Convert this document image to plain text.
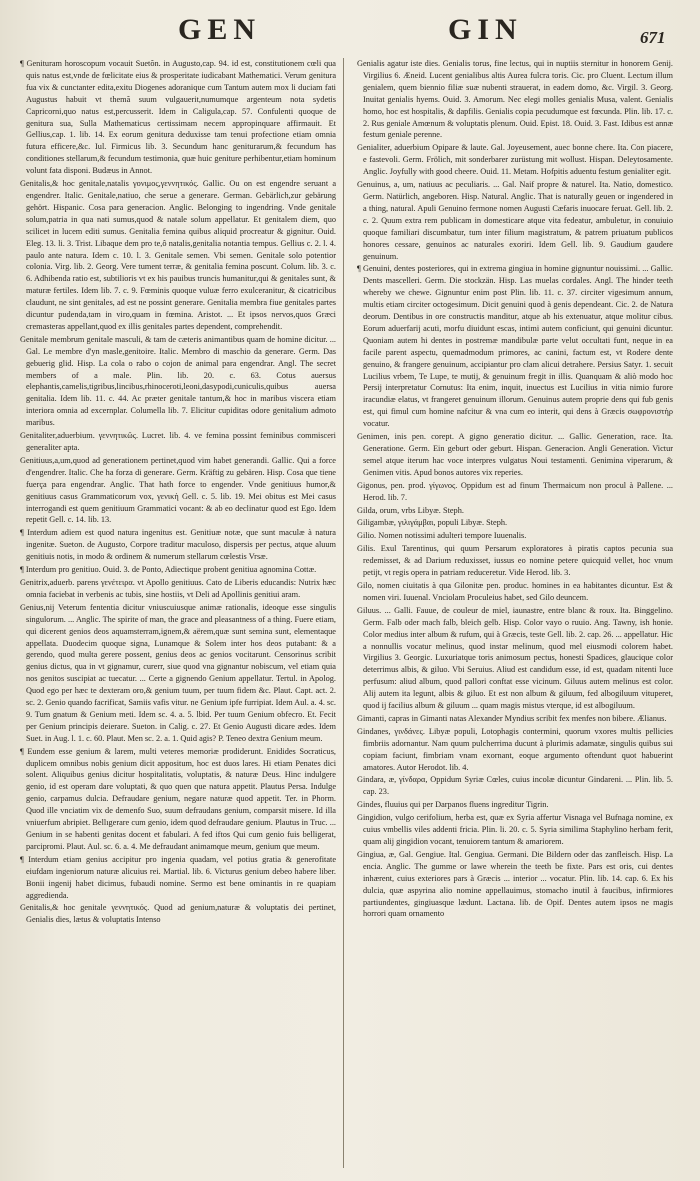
GEN	GIN	671

¶ Genituram horoscopum vocauit Suetõn. in Augusto,cap. 94. id est, constitutionem cœli qua quis natus est,vnde de fœlicitate eius & prosperitate iudicabant Mathematici. Verum genitura fua vix & cunctanter edita,exitu Diogenes adoranique cum Tantum autem mox li duciam fati Augustus habuit vt themã suum vulgauerit,numumque argenteum nota sydetis Capricorni,quo natus est,percusserit. Idem in Caligula,cap. 57. Confulenti quoque de genitura sua, Sulla Mathematicus certissimam necem appropinquare affirmauit. Et Gellius,cap. 1. lib. 14. Ex eorum genitura deduxisse tam tenui profectione etiam omnia futura efficere,&c. Iul. Firmicus lib. 3. Secundum hanc geniturarum,& fecundum has conditiones stellarum,& fecundum testimonia, quæ huic geniture perhibentur,etiam hominum volunt fata disponi. Budæus in Annot.

Genitalis,& hoc genitale,natalis γονιμος,γεννητικός. Gallic. Ou on est engendre seruant a engendrer. Italic. Genitale,natiuo, che serue a generare. German. Gebärlich,zur gebärung gehört. Hispanic. Cosa para generacion. Anglic. Belonging to ingendring. Vnde genitale solum,patria in qua nati sumus,quod & natale solum appellatur. Et genitalem diem, quo scilicet in lucem editi sumus. Genitalia femina quibus aliquid procreatur & gignitur. Ouid. Eleg. 13. li. 3. Trist. Libaque dem pro te,ô natalis,genitalia notantia tempus. Gellius c. 2. l. 4. paulo ante natura. Idem c. 10. l. 3. Genitale semen. Vbi semen. Genitale solo potentior colonia. Virg. lib. 2. Georg. Vere tument terræ, & genitalia femina poscunt. Colum. lib. 3. c. 6. Adhibenda ratio est, subtilioris vt ex his pauibus truncis humanitur,qui & genitales sunt, & maturæ fertiles. Idem lib. 7. c. 9. Fœminis quoque vuluæ ferro exulceranitur, & cicatricibus claudunt, ne sint genitales, ad est ne possint generare. Genitalia membra fiue genitales partes dicuntur pudenda,tam in viro,quam in fœmina. Aristot. ... Et ipsos nervos,quos Græci cremasteras appellant,quod ex illis genitales partes dependent, comprehendit.

Genitale membrum genitale masculi, & tam de cæteris animantibus quam de homine dicitur. ... Gal. Le membre d'yn masle,genitoire. Italic. Membro di maschio da generare. Germ. Das gebuerig glid. Hisp. La cola o rabo o cojon de animal para engendrar. Angl. The secret members of a male. Plin. lib. 20. c. 63. Cotus auersus elephantis,camelis,tigribus,lincibus,rhinoceroti,leoni,dasypodi,cuniculis,quibus auersa genitalia. Idem lib. 11. c. 44. Ac præter genitale tantum,& hoc in maribus viscera etiam interiora omnia ad excernplar. Columella lib. 7. Elicitur cupiditas odore genitalium admoto maribus.

Genitaliter,aduerbium. γεννητικῶς. Lucret. lib. 4. ve femina possint feminibus commisceri generaliter apta.

Genitiuus,a,um,quod ad generationem pertinet,quod vim habet generandi. Gallic. Qui a force d'engendrer. Italic. Che ha forza di generare. Germ. Kräftig zu gebären. Hisp. Cosa que tiene fuerça para engendrar. Anglic. That hath force to engender. Vnde genitiuus humor,& genitiuus casus Grammaticorum vox, γενικὴ Gell. c. 5. lib. 19. Mei obitus est Mei casus interrogandi est quem genitiuum Grammatici vocant: & ab eo declinatur quod est Ego. Idem repetit Gell. c. 14. lib. 13.

¶ Interdum adiem est quod natura ingenitus est. Genitiuæ notæ, que sunt maculæ à natura ingenitæ. Sueton. de Augusto, Corpore traditur maculoso, dispersis per pectus, atque aluum genitiuis notis, in modo & ordinem & numerum stellarum cœlestis Vrsæ.

¶ Interdum pro genitiuo. Ouid. 3. de Ponto, Adiectique probent genitiua agnomina Cottæ.

Genitrix,aduerb. parens γενέτειρα. vt Apollo genitiuus. Cato de Liberis educandis: Nutrix hæc omnia faciebat in verbenis ac tubis, sine hostiis, vt Deli ad Apollinis genitiui aram.

Genius,nij Veterum fententia dicitur vniuscuiusque animæ rationalis, ideoque esse singulis singulorum. ... Anglic. The spirite of man, the grace and pleasantness of a thing. Fuere etiam, qui dicerent genios deos aquamsterram,ignem,& aërem,quæ sunt semina sunt, elementaque appellata. Duodecim quoque signa, Lunamque & Solem inter hos deos putabant: & a gerendo, quod multa gerere possent, genius deos ac genios vocitarunt. Censorinus scribit genius dictus, qua in vt gignamur, curerr, siue quod vna gignantur nobiscum, vel etiam quia nos genitos suscipiat ac tuecatur. ... Certe a gignendo Genium appellatur. Tertul. in Apolog. Quod ego per hæc te dexteram oro,& genium tuum, per tuum fidem &c. Plaut. Capt. act. 2. sc. 2. Genio quando facrificat, Samiis vafis vitur. ne Genium ipfe furripiat. Idem Aul. a. 4. sc. 9. Tum gnatum & Genium meti. Idem sc. 4. a. 5. lbid. Per tuum Genium obfecro. Et. Fecit per Genium principis deierare. Sueton. in Calig. c. 27. Et Genio Augusti dicare ædes. Idem Suet. in Aug. l. 1. c. 60. Plaut. Men sc. 2. a. 1. Quid agis? P. Teneo dextra Genium meum.

¶ Eundem esse genium & larem, multi veteres memoriæ prodiderunt. Enidides Socraticus, duplicem omnibus nobis genium dicit appositum, hoc est duos lares. Hi etiam Penates dici solent. Aliquibus genius dicitur hospitalitatis, voluptatis, & naturæ Deus. Hinc indulgere genio, id est operam dare voluptati, & quo quen que natura appetit. Plautus Persa. Indulge genio, carpamus dulcia. Defraudare genium, negare naturæ quod appetit. Ter. in Phorm. Quod ille vnciatim vix de demenfo Suo, suum defraudans genium, comparsit misere. Id illa vniuerfum abripiet. Bellıgerare cum genio, idem quod defraudare genium. Plautus in Truc. ... Genium in se habenti genitas docent et fabulari. A fed iftos Qui cum genio fuis belligerat, parcipromi. Plaut. Aul. sc. 6. a. 4. Me defraudant animamque meum, genium que meum.

¶ Interdum etiam genius accipitur pro ingenia quadam, vel potius gratia & generofitate eiufdam ingeniorum naturæ alicuius rei. Martial. lib. 6. Victurus genium debeo habere liber. Bonii ingenij habet dicimus, fubaudi nomine. Sermo est bene ominantis in re quapiam aggredienda.

Genitalis,& hoc genitale γεννητικός. Quod ad genium,naturæ & voluptatis dei pertinet, Genialis dies, lætus & voluptatis Intenso

Genialis agatur iste dies. Genialis torus, fine lectus, qui in nuptiis sternitur in honorem Genij. Virgilius 6. Æneid. Lucent genialibus altis Aurea fulcra toris. Cic. pro Cluent. Lectum illum genialem, quem biennio filiæ suæ nubenti strauerat, in eadem domo, &c. Virgil. 3. Georg. Inuitat genialis hyems. Ouid. 3. Amorum. Nec elegi molles genialis Musa, valent. Genialis homo, hoc est hospitalis, & dapfilis. Genialis copia pecudumque est fœcunda. Plin. lib. 17. c. 2. Rus geniale Amœnum & voluptatis plenum. Ouid. Epist. 18. Ouid. 3. Fast. Idibus est annæ festum geniale perenne.

Genialiter, aduerbium Opipare & laute. Gal. Joyeusement, auec bonne chere. Ita. Con piacere, e fastevoli. Germ. Frölich, mit sonderbarer zurüstung mit wollust. Hispan. Deleytosamente. Anglic. Joyfully with good cheere. Ouid. 11. Metam. Hofpitis aduentu festum genialiter egit.

Genuinus, a, um, natiuus ac peculiaris. ... Gal. Naif propre & naturel. Ita. Natio, domestico. Germ. Natürlich, angeboren. Hisp. Natural. Anglic. That is naturally geuen or ingendered in a thing, natural. Apuli Genuino fermone nomen Augusti Cæfaris inuocare feruat. Gell. lib. 2. c. 2. Quum extra rem publicam in domesticare atque vita fedeatur, ambuletur, in conuiuio quoque familiari discumbatur, tum inter filium magistratum, & patrem priuatum publicos honores cessare, genuinos ac naturales exoriri. Idem Gell. lib. 9. Gaudium gaudere genuinum.

¶ Genuini, dentes posteriores, qui in extrema gingiua in homine gignuntur nouissimi. ... Gallic. Dents mascelleri. Germ. Die stockzän. Hisp. Las muelas cordales. Angl. The hinder teeth whereby we chewe. Gignuntur enim post Plin. lib. 11. c. 37. circiter vigesimum annum, multis etiam circiter octogesimum. Dicit genuini quod à genis dependeant. Cic. 2. de Natura deorum. Dentibus in ore constructis manditur, atque ab his extenuatur, atque molitur cibus. Eorum aduerfarij acuti, morfu diuidunt escas, intimi autem conficiunt, qui genuini dicuntur. Quoniam autem hi dentes in postremæ mandibulæ parte velut occultati funt, neque in ea facile parent aspectu, quemadmodum primores, ac canini, factum est, vt Rodere dente genuino, & frangere genuinum, accipiantur pro clam alicui detrahere. Persius Satyr. 1. secuit Lucilius vrbem, Te Lupe, te mutij, & genuinum fregit in illis. Quanquam & aliò modo hoc Persij interpretatur Cornutus: Ita enim, inquit, inuectus est Lucilius in vitia nimio furore iracundiæ elatus, vt frangeret genuinum illorum. Genuinus autem proprie dens qui fub genis est, qui fimul cum homine nafcitur & vna cum eo interit, qui dens à Græcis σωφρονιστὴρ vocatur.

Genimen, inis pen. corept. A gigno generatio dicitur. ... Gallic. Generation, race. Ita. Generatione. Germ. Ein geburt oder geburt. Hispan. Generacion. Angli Generation. Victur semel atque iterum hac voce interpres vulgatus Noui testamenti. Genimina viperarum, & Genimen vitis. Apud bonos autores vix reperies.

Gigonus, pen. prod. γίγωνος. Oppidum est ad finum Thermaicum non procul à Pallene. ... Herod. lib. 7.

Gilda, orum, vrbs Libyæ. Steph.

Giligambæ, γιλιγάμβαι, populi Libyæ. Steph.

Gilio. Nomen notissimi adulteri tempore Iuuenalis.

Gilis. Exul Tarentinus, qui quum Persarum exploratores à piratis captos pecunia sua redemisset, & ad Darium reduxisset, iussus eo nomine petere quicquid vellet, hoc vnum petijt, vt regis opera in patriam reduceretur. Vide Herod. lib. 3.

Gilo, nomen ciuitatis à qua Gilonitæ pen. produc. homines in ea habitantes dicuntur. Est & nomen viri. Iuuenal. Vnciolam Proculeius habet, sed Gilo deuncem.

Giluus. ... Galli. Fauue, de couleur de miel, iaunastre, entre blanc & roux. Ita. Binggelino. Germ. Falb oder mach falb, bleich gelb. Hisp. Color vayo o ruuio. Ang. Tawny, ish honie. Color medius inter album & rufum, qui à Græcis, teste Gell. lib. 2. cap. 26. ... appellatur. Hic a nonnullis vocatur melinus, quod instar melinum, quod mel eiusmodi colorem habet. Virgilius 3. Georgic. Luxuriatque toris animosum pectus, honesti Spadices, glaucique color deterrimus albis, & giluo. Vbi Seruius. Aliud est candidum esse, id est, quadam nitenti luce perfusum: aliud album, quod pallori conftat esse vicinum. Giluus autem melinus est color. Alij autem ita legunt, albis & giluo. Et est non album & giluum, fed albogiluum vituperet, quod ij facilius album & giluum ... quam magis mistus vterque, id est albogiluum.

Gimanti, capras in Gimanti natas Alexander Myndius scribit fex menfes non bibere. Ælianus.

Gindanes, γινδάνες. Libyæ populi, Lotophagis contermini, quorum vxores multis pellicies fimbriis adornantur. Nam quum pulcherrima ducunt à plurimis adamatæ, singulis quibus sui copiam faciunt, fimbriam vnam exornant, eoque argumento oftendunt quot habuerint amatores. Autor Herodot. lib. 4.

Gindara, æ, γίνδαρα, Oppidum Syriæ Cœles, cuius incolæ dicuntur Gindareni. ... Plin. lib. 5. cap. 23.

Gindes, fluuius qui per Darpanos fluens ingreditur Tigrin.

Gingidion, vulgo cerifolium, herba est, quæ ex Syria affertur Visnaga vel Bufnaga nomine, ex cuius vmbellis viles addenti fricia. Plin. li. 20. c. 5. Syria similima Staphylino herbam ferit, quam alij gingidion vocant, tenuiorem tantum & amariorem.

Gingiua, æ, Gal. Gengiue. Ital. Gengiua. Germani. Die Bildern oder das zanfleisch. Hisp. La encia. Anglic. The gumme or lawe wherein the teeth be fixte. Pars est oris, cui dentes inhærent, cuius exteriores pars à Græcis ... interior ... vocatur. Plin. lib. 14. cap. 6. Ex his dulcia, quæ aspyrina alio nomine appellauimus, stomacho inutil à faucibus, infirmiores partiundentes, gingiuasque lædunt. Lactana. lib. de Opif. Dentes autem ipsos ne magis horrori quam ornamento
